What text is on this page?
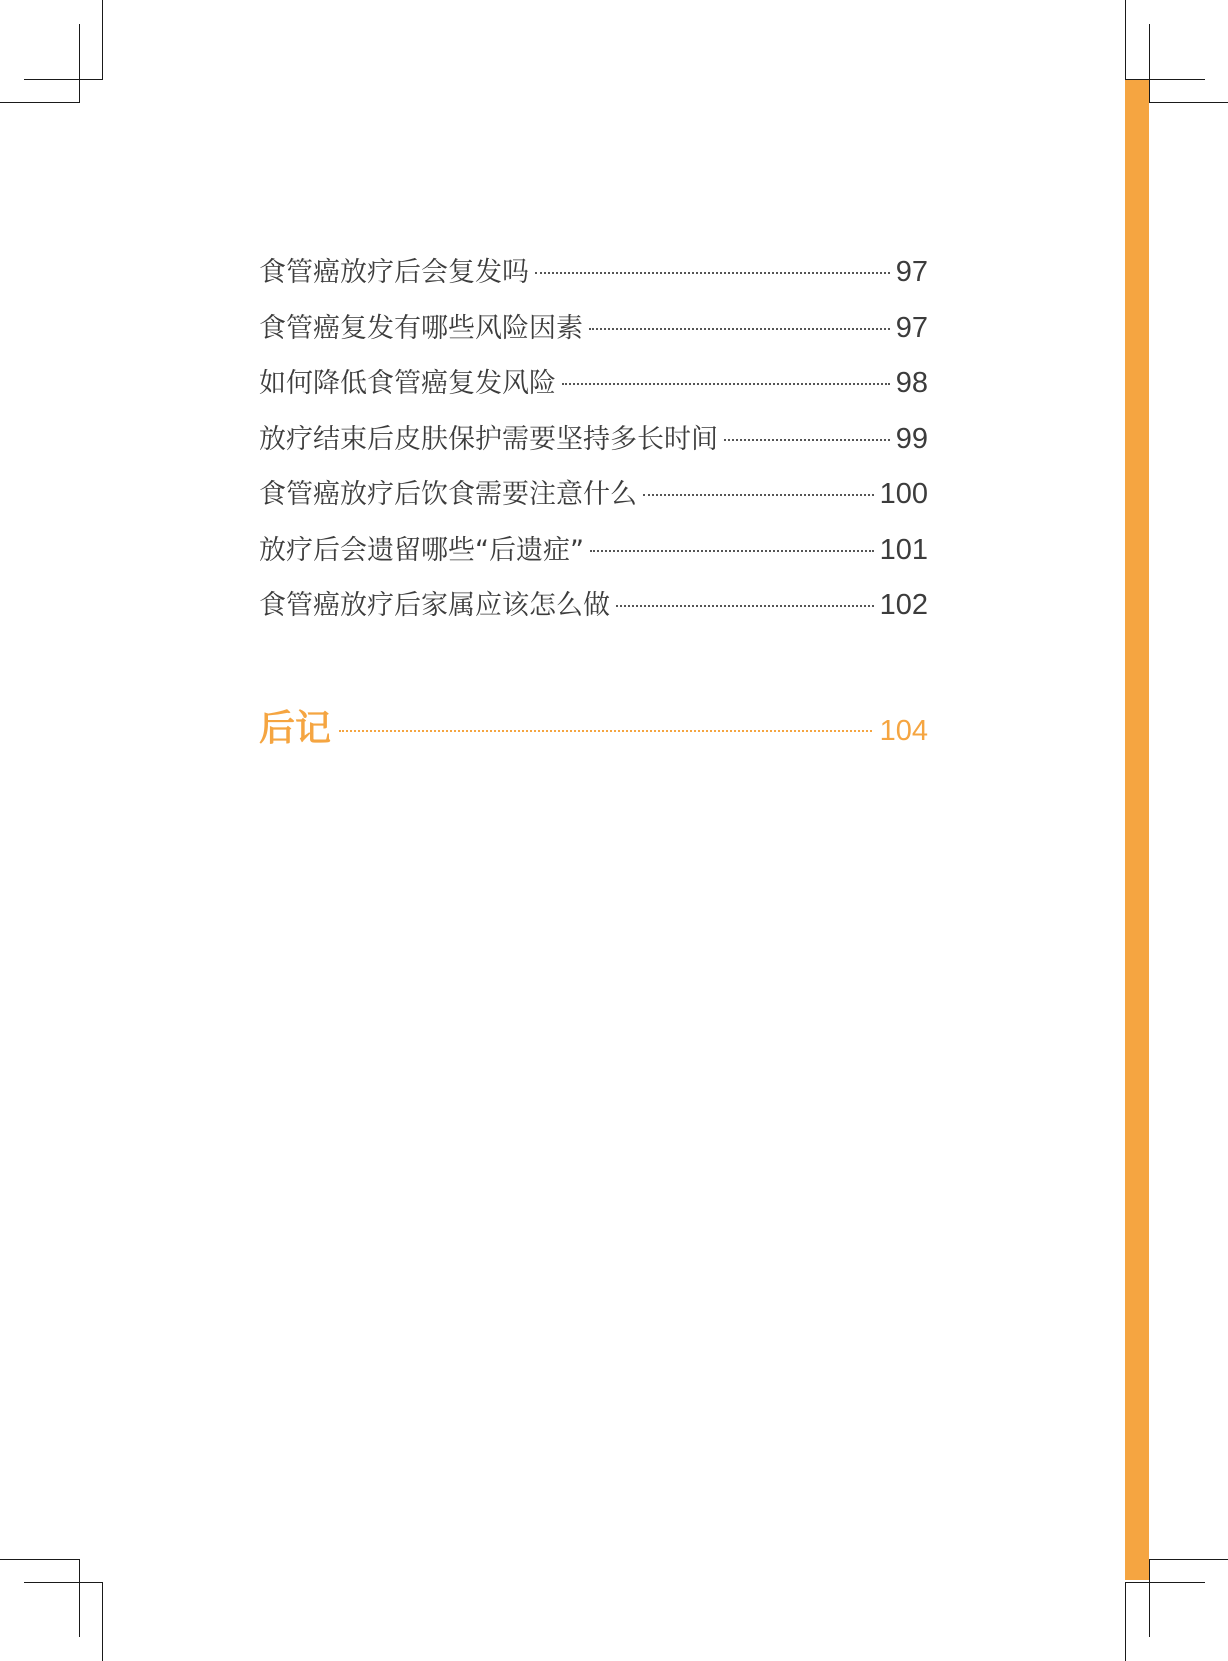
食管癌放疗后会复发吗	97
食管癌复发有哪些风险因素	97
如何降低食管癌复发风险	98
放疗结束后皮肤保护需要坚持多长时间	99
食管癌放疗后饮食需要注意什么	100
放疗后会遗留哪些“后遗症”	101
食管癌放疗后家属应该怎么做	102
后记	104
